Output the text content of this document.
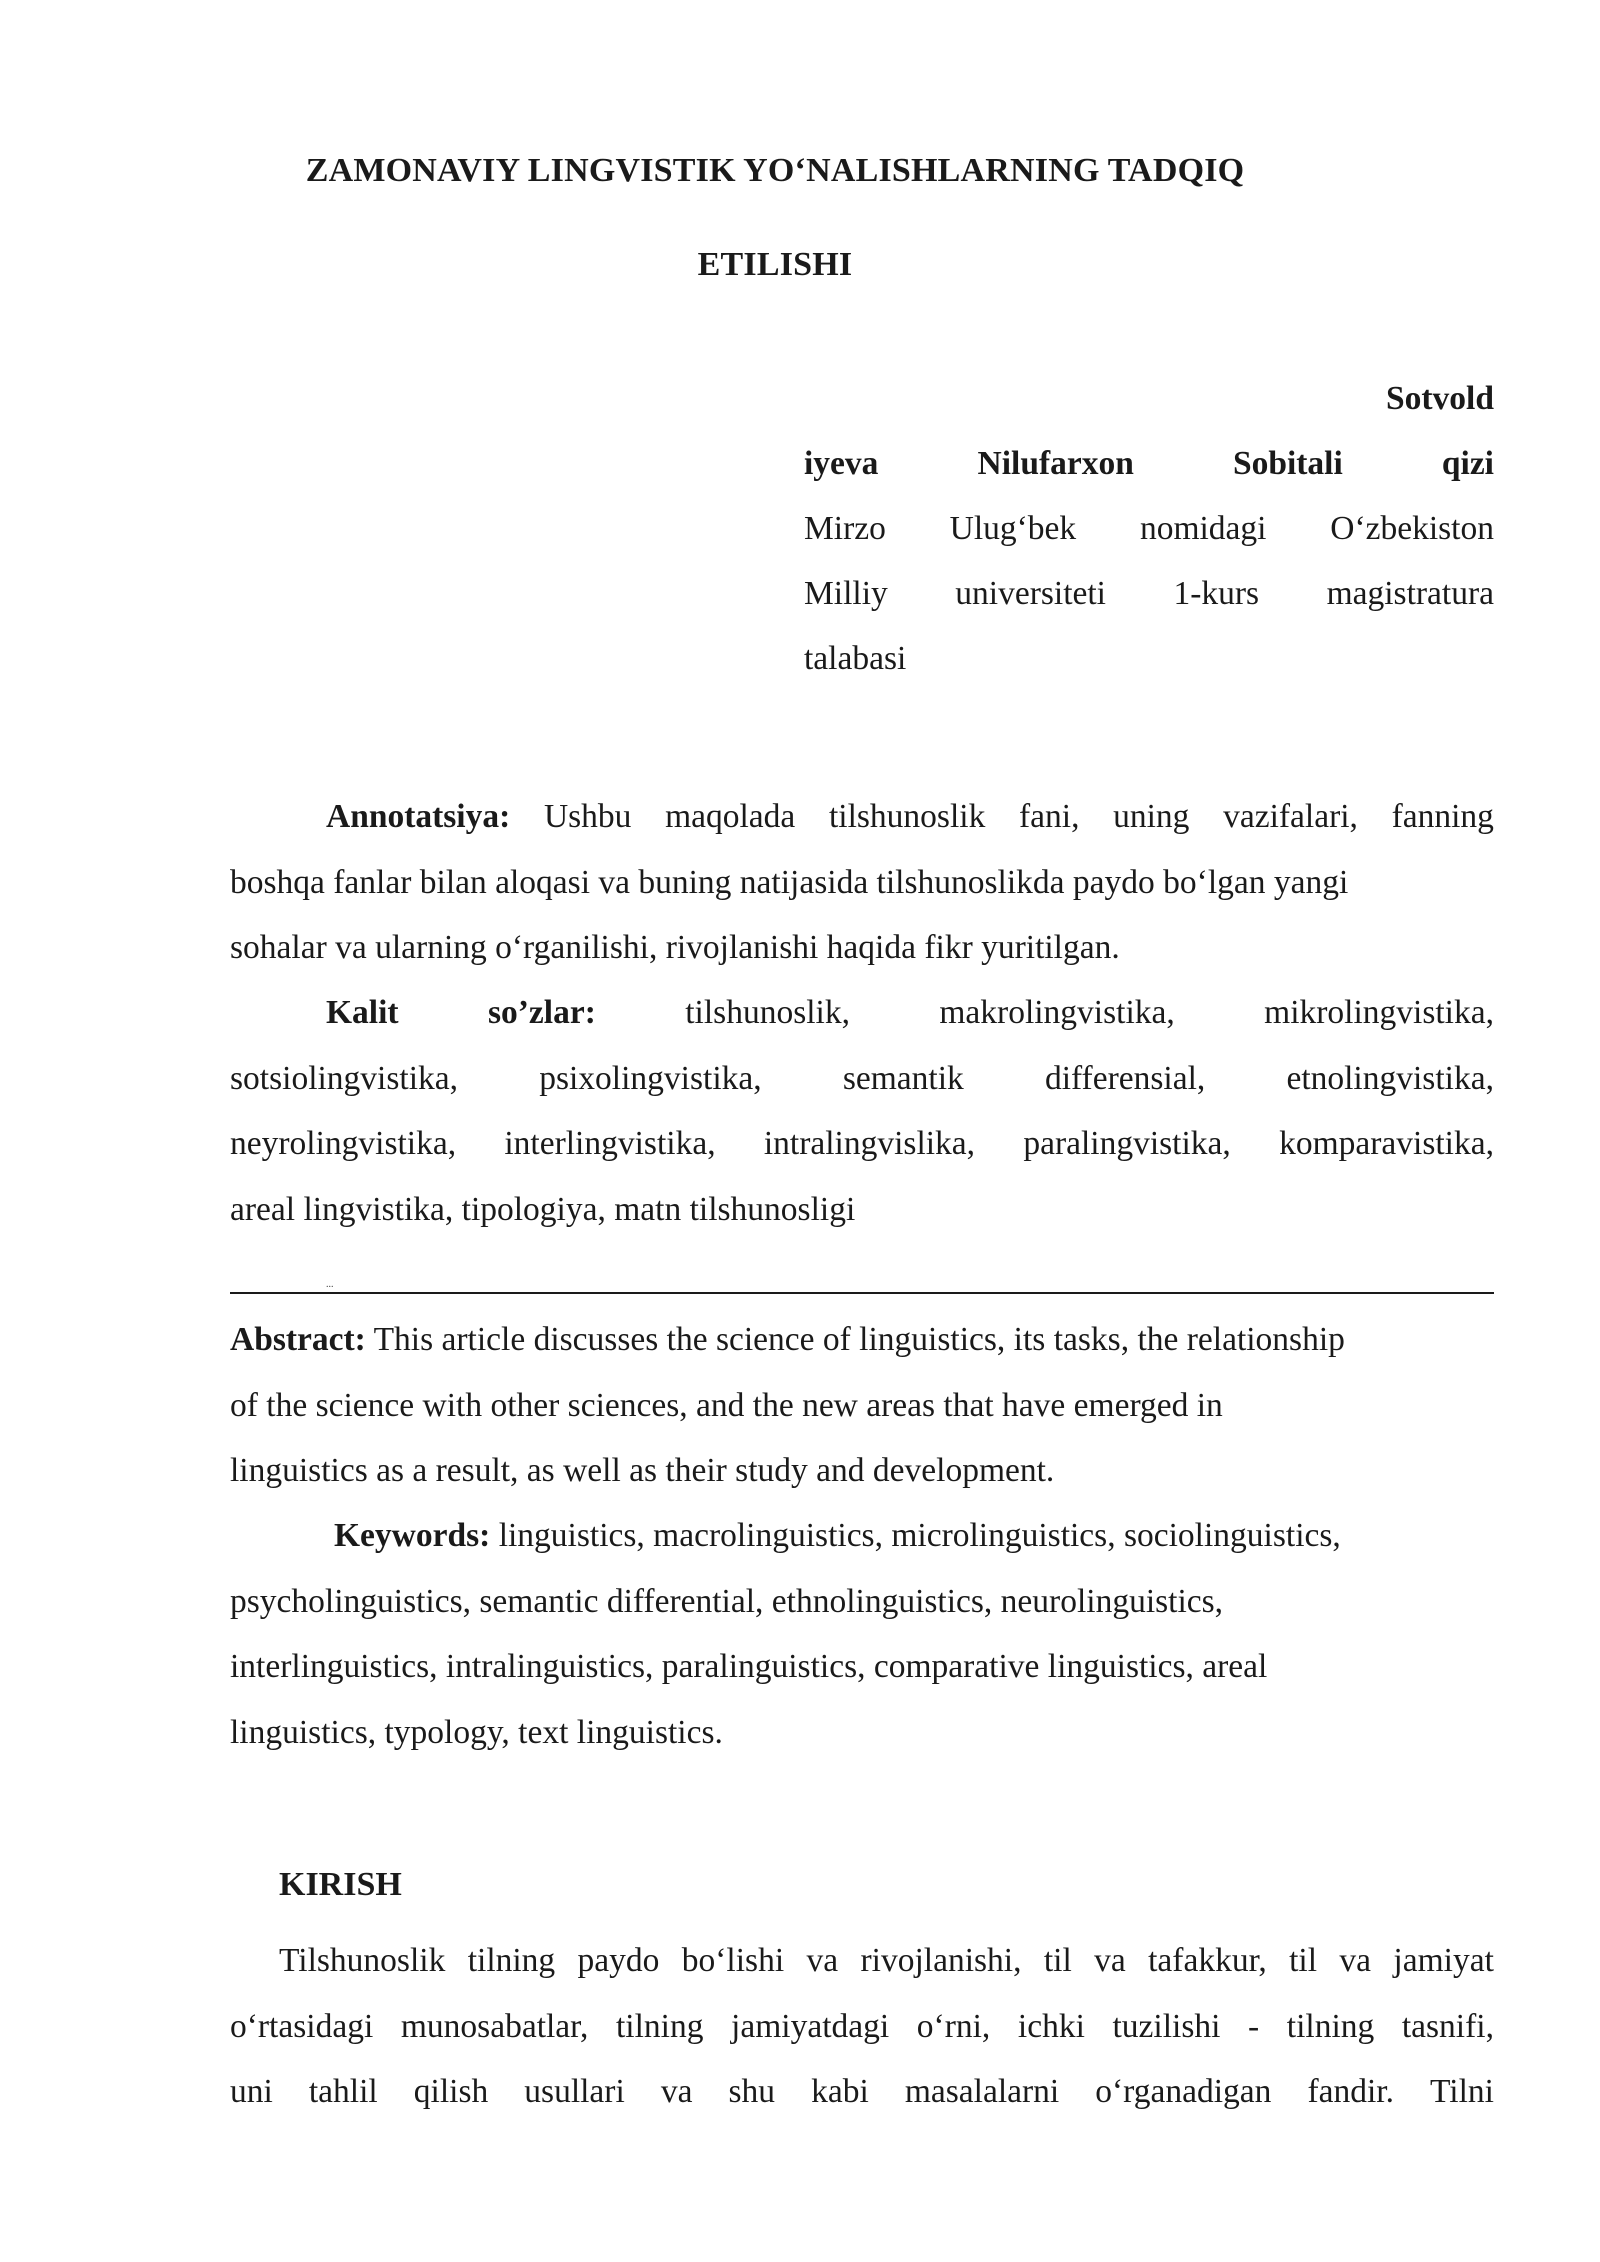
ZAMONAVIY LINGVISTIK YO‘NALISHLARNING TADQIQ
ETILISHI
Sotvold
iyeva	Nilufarxon	Sobitali	qizi
Mirzo Ulug‘bek nomidagi O‘zbekiston
Milliy universiteti 1-kurs magistratura
talabasi
Annotatsiya: Ushbu maqolada tilshunoslik fani, uning vazifalari, fanning
boshqa fanlar bilan aloqasi va buning natijasida tilshunoslikda paydo bo‘lgan yangi
sohalar va ularning o‘rganilishi, rivojlanishi haqida fikr yuritilgan.
Kalit	so’zlar:	tilshunoslik,	makrolingvistika,	mikrolingvistika,
sotsiolingvistika, psixolingvistika, semantik differensial, etnolingvistika,
neyrolingvistika, interlingvistika, intralingvislika, paralingvistika, komparavistika,
areal lingvistika, tipologiya, matn tilshunosligi
...
Abstract: This article discusses the science of linguistics, its tasks, the relationship
of the science with other sciences, and the new areas that have emerged in
linguistics as a result, as well as their study and development.
Keywords: linguistics, macrolinguistics, microlinguistics, sociolinguistics,
psycholinguistics, semantic differential, ethnolinguistics, neurolinguistics,
interlinguistics, intralinguistics, paralinguistics, comparative linguistics, areal
linguistics, typology, text linguistics.
KIRISH
Tilshunoslik tilning paydo bo‘lishi va rivojlanishi, til va tafakkur, til va jamiyat
o‘rtasidagi munosabatlar, tilning jamiyatdagi o‘rni, ichki tuzilishi - tilning tasnifi,
uni tahlil qilish usullari va shu kabi masalalarni o‘rganadigan fandir. Tilni
